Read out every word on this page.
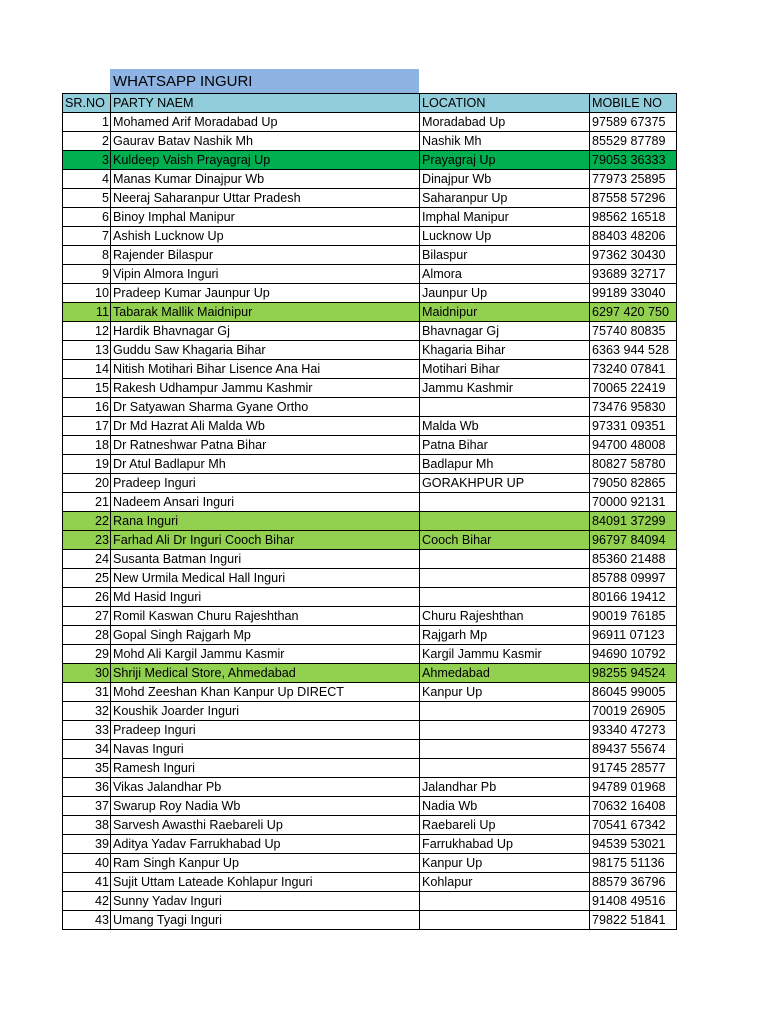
WHATSAPP INGURI
SR.NO	PARTY NAEM	LOCATION	MOBILE NO
1	Mohamed Arif Moradabad Up	Moradabad Up	97589 67375
2	Gaurav Batav Nashik Mh	Nashik Mh	85529 87789
3	Kuldeep Vaish Prayagraj Up	Prayagraj Up	79053 36333
4	Manas Kumar Dinajpur Wb	Dinajpur Wb	77973 25895
5	Neeraj Saharanpur Uttar Pradesh	Saharanpur Up	87558 57296
6	Binoy Imphal Manipur	Imphal Manipur	98562 16518
7	Ashish Lucknow Up	Lucknow Up	88403 48206
8	Rajender Bilaspur	Bilaspur	97362 30430
9	Vipin Almora Inguri	Almora	93689 32717
10	Pradeep Kumar Jaunpur Up	Jaunpur Up	99189 33040
11	Tabarak Mallik Maidnipur	Maidnipur	6297 420 750
12	Hardik Bhavnagar Gj	Bhavnagar Gj	75740 80835
13	Guddu Saw Khagaria Bihar	Khagaria Bihar	6363 944 528
14	Nitish Motihari Bihar Lisence Ana Hai	Motihari Bihar	73240 07841
15	Rakesh Udhampur Jammu Kashmir	Jammu Kashmir	70065 22419
16	Dr Satyawan Sharma Gyane Ortho		73476 95830
17	Dr Md Hazrat Ali Malda Wb	Malda Wb	97331 09351
18	Dr Ratneshwar Patna Bihar	Patna Bihar	94700 48008
19	Dr Atul Badlapur Mh	Badlapur Mh	80827 58780
20	Pradeep Inguri	GORAKHPUR UP	79050 82865
21	Nadeem Ansari Inguri		70000 92131
22	Rana Inguri		84091 37299
23	Farhad Ali Dr Inguri Cooch Bihar	Cooch Bihar	96797 84094
24	Susanta Batman Inguri		85360 21488
25	New Urmila Medical Hall Inguri		85788 09997
26	Md Hasid Inguri		80166 19412
27	Romil Kaswan Churu Rajeshthan	Churu Rajeshthan	90019 76185
28	Gopal Singh Rajgarh Mp	Rajgarh Mp	96911 07123
29	Mohd Ali Kargil Jammu Kasmir	Kargil Jammu Kasmir	94690 10792
30	Shriji Medical Store, Ahmedabad	Ahmedabad	98255 94524
31	Mohd Zeeshan Khan Kanpur Up DIRECT	Kanpur Up	86045 99005
32	Koushik Joarder Inguri		70019 26905
33	Pradeep Inguri		93340 47273
34	Navas Inguri		89437 55674
35	Ramesh Inguri		91745 28577
36	Vikas Jalandhar Pb	Jalandhar Pb	94789 01968
37	Swarup Roy Nadia Wb	Nadia Wb	70632 16408
38	Sarvesh Awasthi Raebareli Up	Raebareli Up	70541 67342
39	Aditya Yadav Farrukhabad Up	Farrukhabad Up	94539 53021
40	Ram Singh Kanpur Up	Kanpur Up	98175 51136
41	Sujit Uttam Lateade Kohlapur Inguri	Kohlapur	88579 36796
42	Sunny Yadav Inguri		91408 49516
43	Umang Tyagi Inguri		79822 51841
